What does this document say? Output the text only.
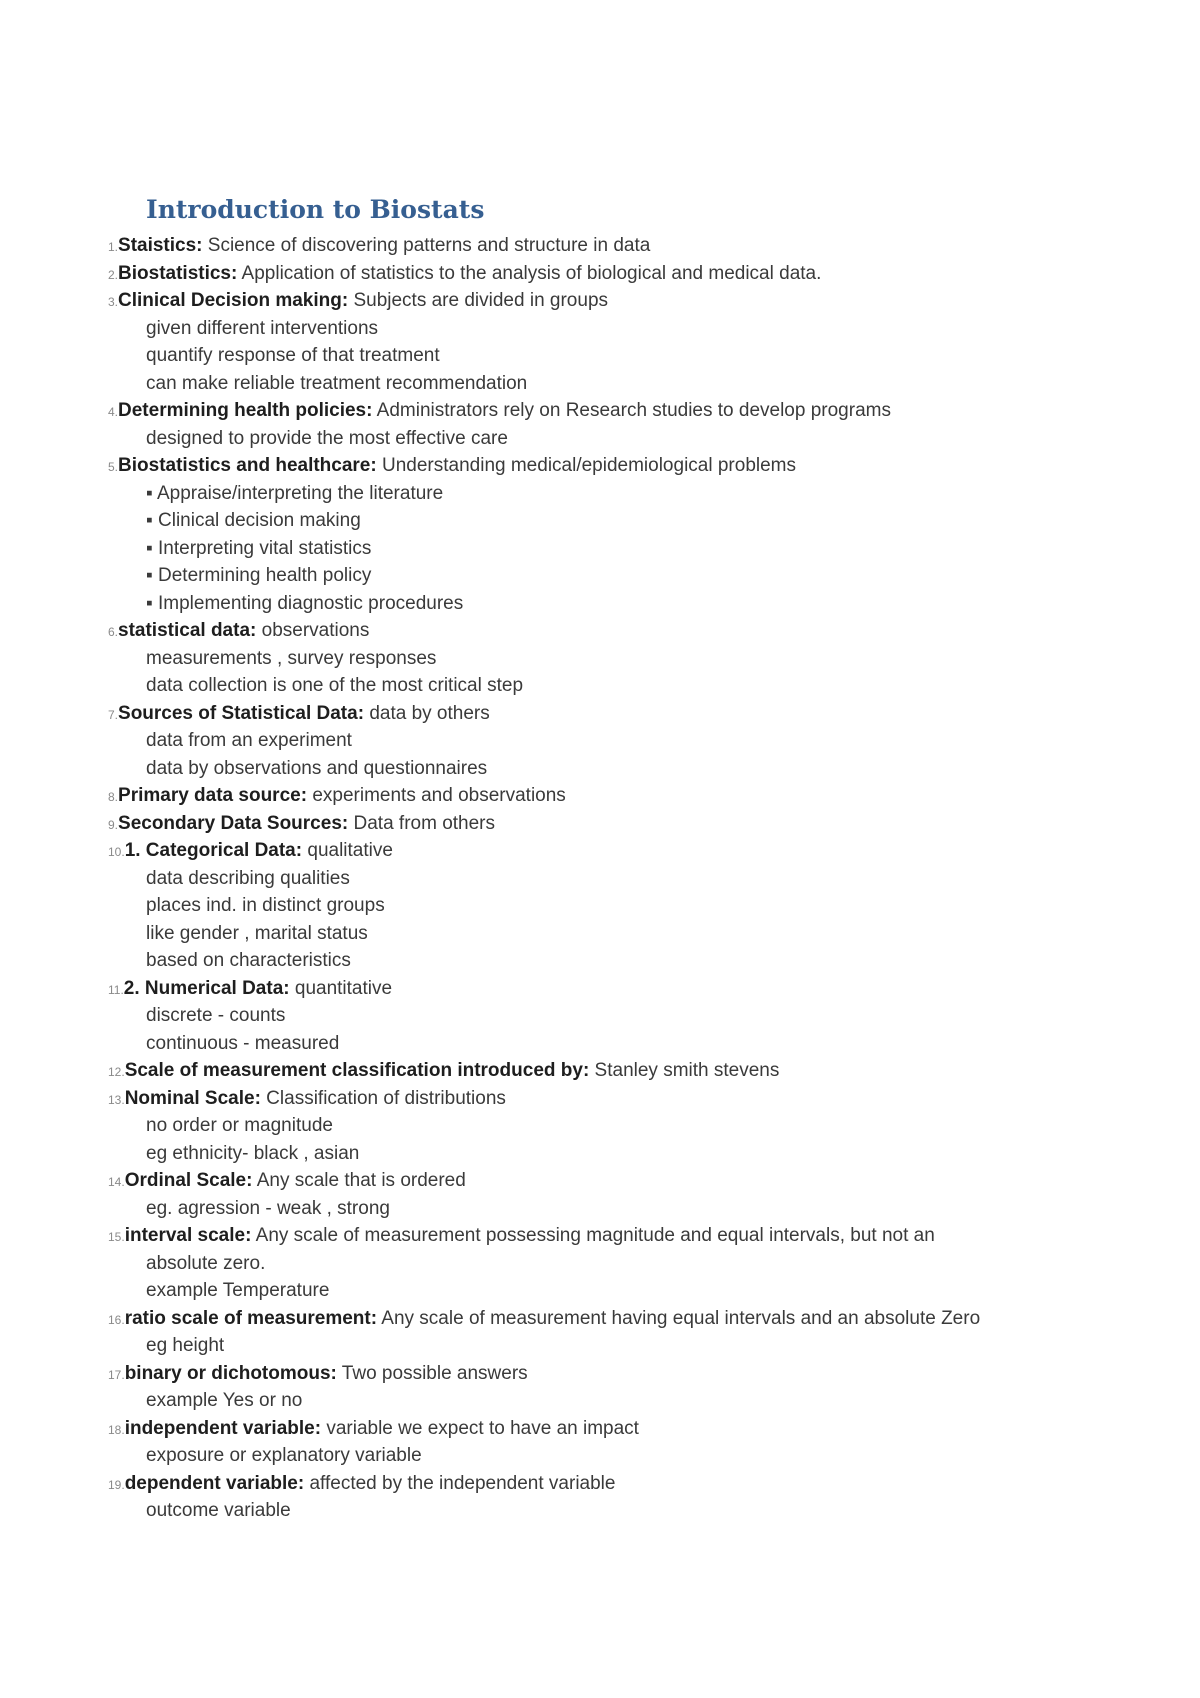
Introduction to Biostats
1.Staistics: Science of discovering patterns and structure in data
2.Biostatistics: Application of statistics to the analysis of biological and medical data.
3.Clinical Decision making: Subjects are divided in groups
given different interventions
quantify response of that treatment
can make reliable treatment recommendation
4.Determining health policies: Administrators rely on Research studies to develop programs
designed to provide the most effective care
5.Biostatistics and healthcare: Understanding medical/epidemiological problems
▪ Appraise/interpreting the literature
▪ Clinical decision making
▪ Interpreting vital statistics
▪ Determining health policy
▪ Implementing diagnostic procedures
6.statistical data: observations
measurements , survey responses
data collection is one of the most critical step
7.Sources of Statistical Data: data by others
data from an experiment
data by observations and questionnaires
8.Primary data source: experiments and observations
9.Secondary Data Sources: Data from others
10.1. Categorical Data: qualitative
data describing qualities
places ind. in distinct groups
like gender , marital status
based on characteristics
11.2. Numerical Data: quantitative
discrete - counts
continuous - measured
12.Scale of measurement classification introduced by: Stanley smith stevens
13.Nominal Scale: Classification of distributions
no order or magnitude
eg ethnicity- black , asian
14.Ordinal Scale: Any scale that is ordered
eg. agression - weak , strong
15.interval scale: Any scale of measurement possessing magnitude and equal intervals, but not an
absolute zero.
example Temperature
16.ratio scale of measurement: Any scale of measurement having equal intervals and an absolute Zero
eg height
17.binary or dichotomous: Two possible answers
example Yes or no
18.independent variable: variable we expect to have an impact
exposure or explanatory variable
19.dependent variable: affected by the independent variable
outcome variable
